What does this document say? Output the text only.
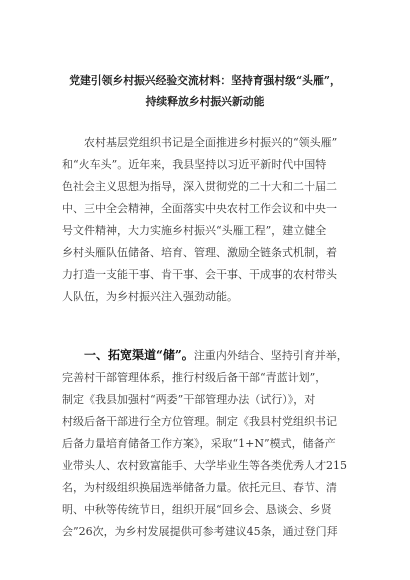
党建引领乡村振兴经验交流材料：坚持育强村级“头雁”，
持续释放乡村振兴新动能
　　农村基层党组织书记是全面推进乡村振兴的“领头雁”
和“火车头”。近年来，我县坚持以习近平新时代中国特
色社会主义思想为指导，深入贯彻党的二十大和二十届二
中、三中全会精神，全面落实中央农村工作会议和中央一
号文件精神，大力实施乡村振兴“头雁工程”，建立健全
乡村头雁队伍储备、培育、管理、激励全链条式机制，着
力打造一支能干事、肯干事、会干事、干成事的农村带头
人队伍，为乡村振兴注入强劲动能。
　　一、拓宽渠道“储”。注重内外结合、坚持引育并举，
完善村干部管理体系，推行村级后备干部“青蓝计划”，
制定《我县加强村“两委”干部管理办法（试行）》，对
村级后备干部进行全方位管理。制定《我县村党组织书记
后备力量培育储备工作方案》，采取“1+N”模式，储备产
业带头人、农村致富能手、大学毕业生等各类优秀人才215
名，为村级组织换届选举储备力量。依托元旦、春节、清
明、中秋等传统节日，组织开展“回乡会、恳谈会、乡贤
会”26次，为乡村发展提供可参考建议45条，通过登门拜
